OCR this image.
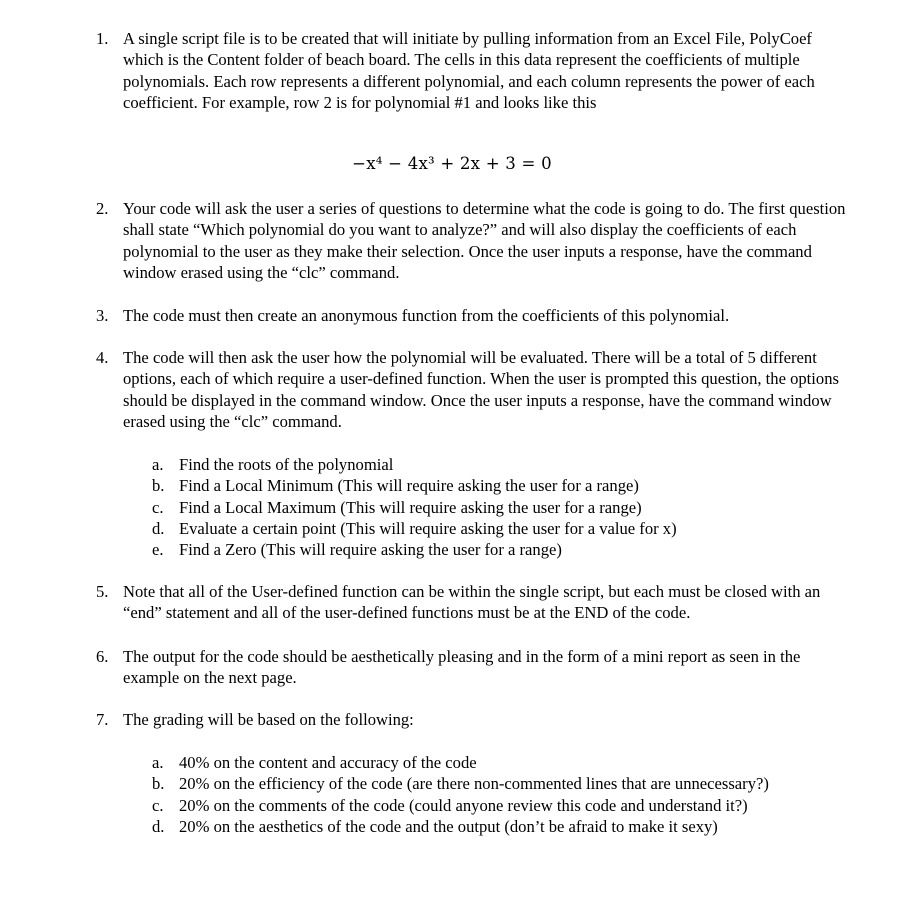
1. A single script file is to be created that will initiate by pulling information from an Excel File, PolyCoef which is the Content folder of beach board. The cells in this data represent the coefficients of multiple polynomials. Each row represents a different polynomial, and each column represents the power of each coefficient. For example, row 2 is for polynomial #1 and looks like this
−x⁴ − 4x³ + 2x + 3 = 0
2. Your code will ask the user a series of questions to determine what the code is going to do. The first question shall state “Which polynomial do you want to analyze?” and will also display the coefficients of each polynomial to the user as they make their selection. Once the user inputs a response, have the command window erased using the “clc” command.
3. The code must then create an anonymous function from the coefficients of this polynomial.
4. The code will then ask the user how the polynomial will be evaluated. There will be a total of 5 different options, each of which require a user-defined function. When the user is prompted this question, the options should be displayed in the command window. Once the user inputs a response, have the command window erased using the “clc” command.
a. Find the roots of the polynomial
b. Find a Local Minimum (This will require asking the user for a range)
c. Find a Local Maximum (This will require asking the user for a range)
d. Evaluate a certain point (This will require asking the user for a value for x)
e. Find a Zero (This will require asking the user for a range)
5. Note that all of the User-defined function can be within the single script, but each must be closed with an “end” statement and all of the user-defined functions must be at the END of the code.
6. The output for the code should be aesthetically pleasing and in the form of a mini report as seen in the example on the next page.
7. The grading will be based on the following:
a. 40% on the content and accuracy of the code
b. 20% on the efficiency of the code (are there non-commented lines that are unnecessary?)
c. 20% on the comments of the code (could anyone review this code and understand it?)
d. 20% on the aesthetics of the code and the output (don’t be afraid to make it sexy)
